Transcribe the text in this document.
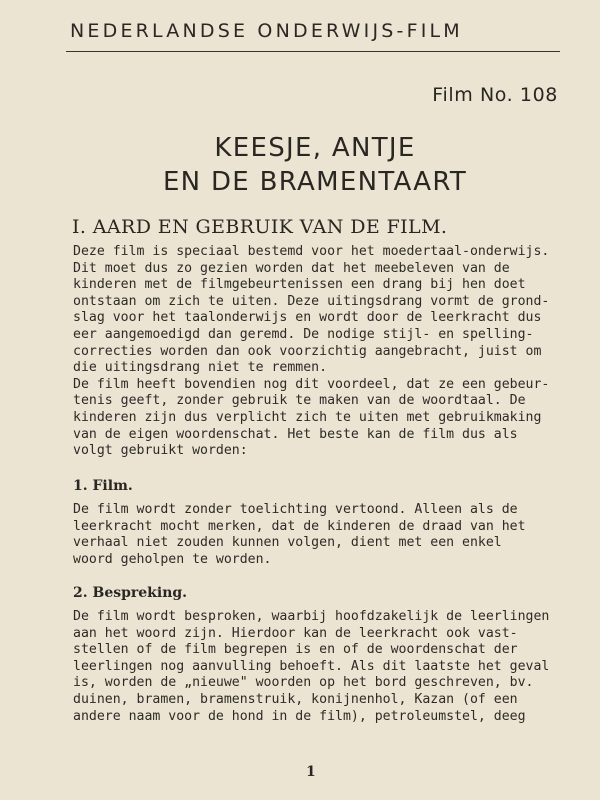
NEDERLANDSE ONDERWIJS-FILM
Film No. 108
KEESJE, ANTJE
EN DE BRAMENTAART
I. AARD EN GEBRUIK VAN DE FILM.
Deze film is speciaal bestemd voor het moedertaal-onderwijs.
Dit moet dus zo gezien worden dat het meebeleven van de
kinderen met de filmgebeurtenissen een drang bij hen doet
ontstaan om zich te uiten. Deze uitingsdrang vormt de grond-
slag voor het taalonderwijs en wordt door de leerkracht dus
eer aangemoedigd dan geremd. De nodige stijl- en spelling-
correcties worden dan ook voorzichtig aangebracht, juist om
die uitingsdrang niet te remmen.
De film heeft bovendien nog dit voordeel, dat ze een gebeur-
tenis geeft, zonder gebruik te maken van de woordtaal. De
kinderen zijn dus verplicht zich te uiten met gebruikmaking
van de eigen woordenschat. Het beste kan de film dus als
volgt gebruikt worden:
1. Film.
De film wordt zonder toelichting vertoond. Alleen als de
leerkracht mocht merken, dat de kinderen de draad van het
verhaal niet zouden kunnen volgen, dient met een enkel
woord geholpen te worden.
2. Bespreking.
De film wordt besproken, waarbij hoofdzakelijk de leerlingen
aan het woord zijn. Hierdoor kan de leerkracht ook vast-
stellen of de film begrepen is en of de woordenschat der
leerlingen nog aanvulling behoeft. Als dit laatste het geval
is, worden de „nieuwe" woorden op het bord geschreven, bv.
duinen, bramen, bramenstruik, konijnenhol, Kazan (of een
andere naam voor de hond in de film), petroleumstel, deeg
1
